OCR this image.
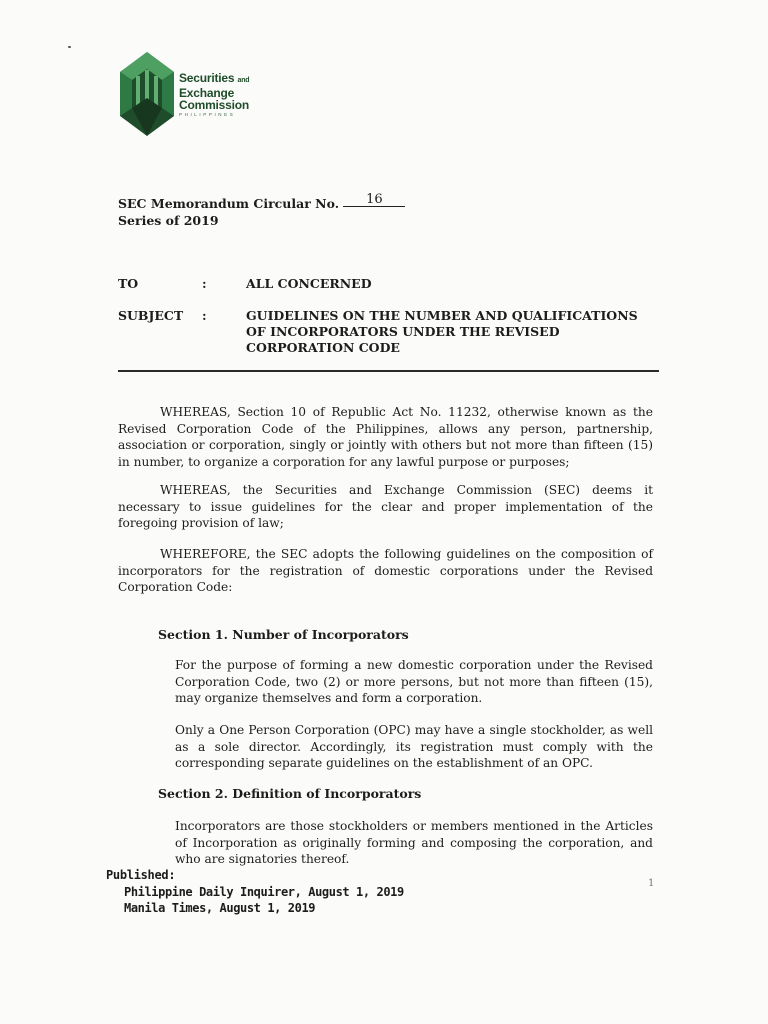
Securities and
Exchange
Commission
PHILIPPINES
SEC Memorandum Circular No. 16
Series of 2019
TO	:	ALL CONCERNED
SUBJECT	:	GUIDELINES ON THE NUMBER AND QUALIFICATIONS
OF INCORPORATORS UNDER THE REVISED
CORPORATION CODE
WHEREAS, Section 10 of Republic Act No. 11232, otherwise known as the Revised Corporation Code of the Philippines, allows any person, partnership, association or corporation, singly or jointly with others but not more than fifteen (15) in number, to organize a corporation for any lawful purpose or purposes;
WHEREAS, the Securities and Exchange Commission (SEC) deems it necessary to issue guidelines for the clear and proper implementation of the foregoing provision of law;
WHEREFORE, the SEC adopts the following guidelines on the composition of incorporators for the registration of domestic corporations under the Revised Corporation Code:
Section 1. Number of Incorporators
For the purpose of forming a new domestic corporation under the Revised Corporation Code, two (2) or more persons, but not more than fifteen (15), may organize themselves and form a corporation.
Only a One Person Corporation (OPC) may have a single stockholder, as well as a sole director. Accordingly, its registration must comply with the corresponding separate guidelines on the establishment of an OPC.
Section 2. Definition of Incorporators
Incorporators are those stockholders or members mentioned in the Articles of Incorporation as originally forming and composing the corporation, and who are signatories thereof.
Published:
Philippine Daily Inquirer, August 1, 2019
Manila Times, August 1, 2019
1
